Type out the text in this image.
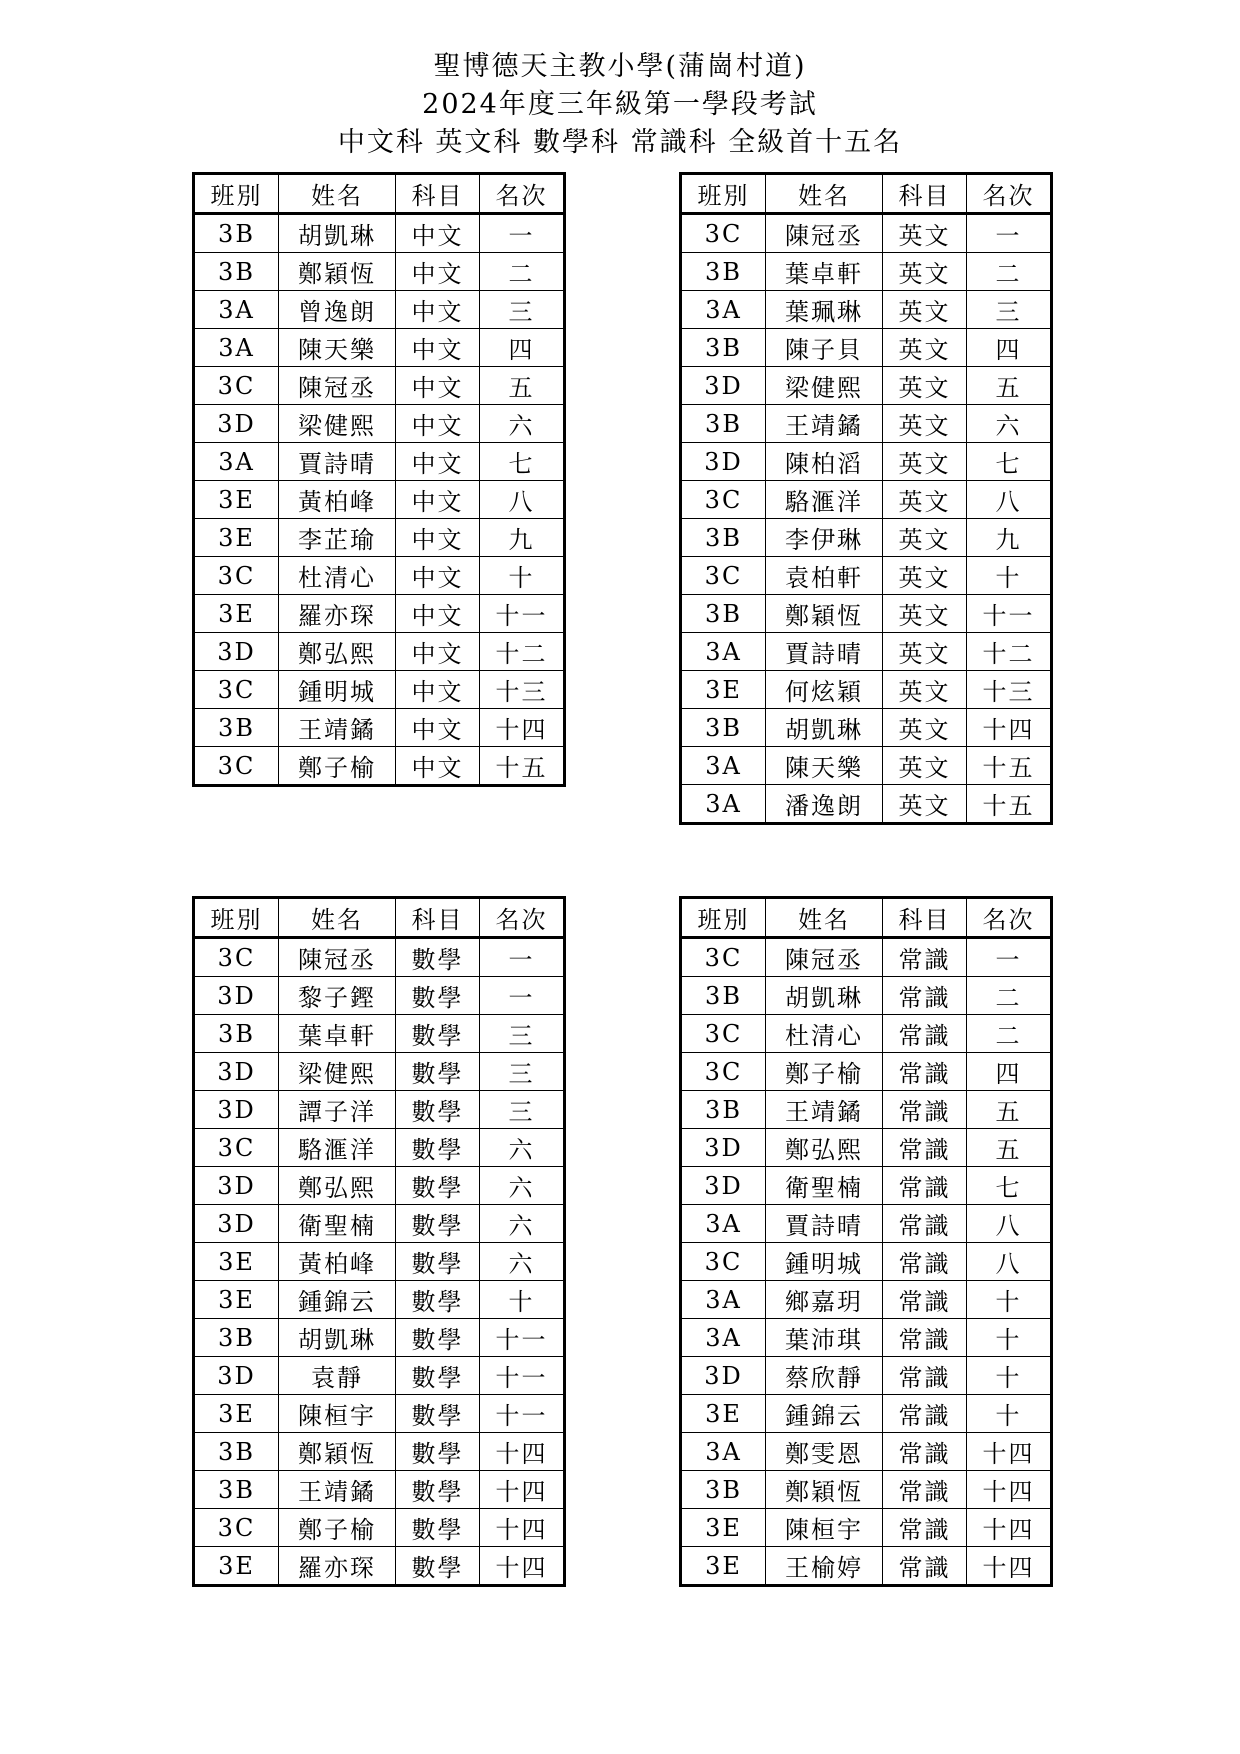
聖博德天主教小學(蒲崗村道)
2024年度三年級第一學段考試
中文科 英文科 數學科 常識科 全級首十五名
班別	姓名	科目	名次
3B	胡凱琳	中文	一
3B	鄭穎恆	中文	二
3A	曾逸朗	中文	三
3A	陳天樂	中文	四
3C	陳冠丞	中文	五
3D	梁健熙	中文	六
3A	賈詩晴	中文	七
3E	黃柏峰	中文	八
3E	李芷瑜	中文	九
3C	杜清心	中文	十
3E	羅亦琛	中文	十一
3D	鄭弘熙	中文	十二
3C	鍾明城	中文	十三
3B	王靖鐍	中文	十四
3C	鄭子榆	中文	十五
班別	姓名	科目	名次
3C	陳冠丞	英文	一
3B	葉卓軒	英文	二
3A	葉珮琳	英文	三
3B	陳子貝	英文	四
3D	梁健熙	英文	五
3B	王靖鐍	英文	六
3D	陳柏滔	英文	七
3C	駱滙洋	英文	八
3B	李伊琳	英文	九
3C	袁柏軒	英文	十
3B	鄭穎恆	英文	十一
3A	賈詩晴	英文	十二
3E	何炫穎	英文	十三
3B	胡凱琳	英文	十四
3A	陳天樂	英文	十五
3A	潘逸朗	英文	十五
班別	姓名	科目	名次
3C	陳冠丞	數學	一
3D	黎子鏗	數學	一
3B	葉卓軒	數學	三
3D	梁健熙	數學	三
3D	譚子洋	數學	三
3C	駱滙洋	數學	六
3D	鄭弘熙	數學	六
3D	衛聖楠	數學	六
3E	黃柏峰	數學	六
3E	鍾錦云	數學	十
3B	胡凱琳	數學	十一
3D	袁靜	數學	十一
3E	陳桓宇	數學	十一
3B	鄭穎恆	數學	十四
3B	王靖鐍	數學	十四
3C	鄭子榆	數學	十四
3E	羅亦琛	數學	十四
班別	姓名	科目	名次
3C	陳冠丞	常識	一
3B	胡凱琳	常識	二
3C	杜清心	常識	二
3C	鄭子榆	常識	四
3B	王靖鐍	常識	五
3D	鄭弘熙	常識	五
3D	衛聖楠	常識	七
3A	賈詩晴	常識	八
3C	鍾明城	常識	八
3A	鄉嘉玥	常識	十
3A	葉沛琪	常識	十
3D	蔡欣靜	常識	十
3E	鍾錦云	常識	十
3A	鄭雯恩	常識	十四
3B	鄭穎恆	常識	十四
3E	陳桓宇	常識	十四
3E	王榆婷	常識	十四
